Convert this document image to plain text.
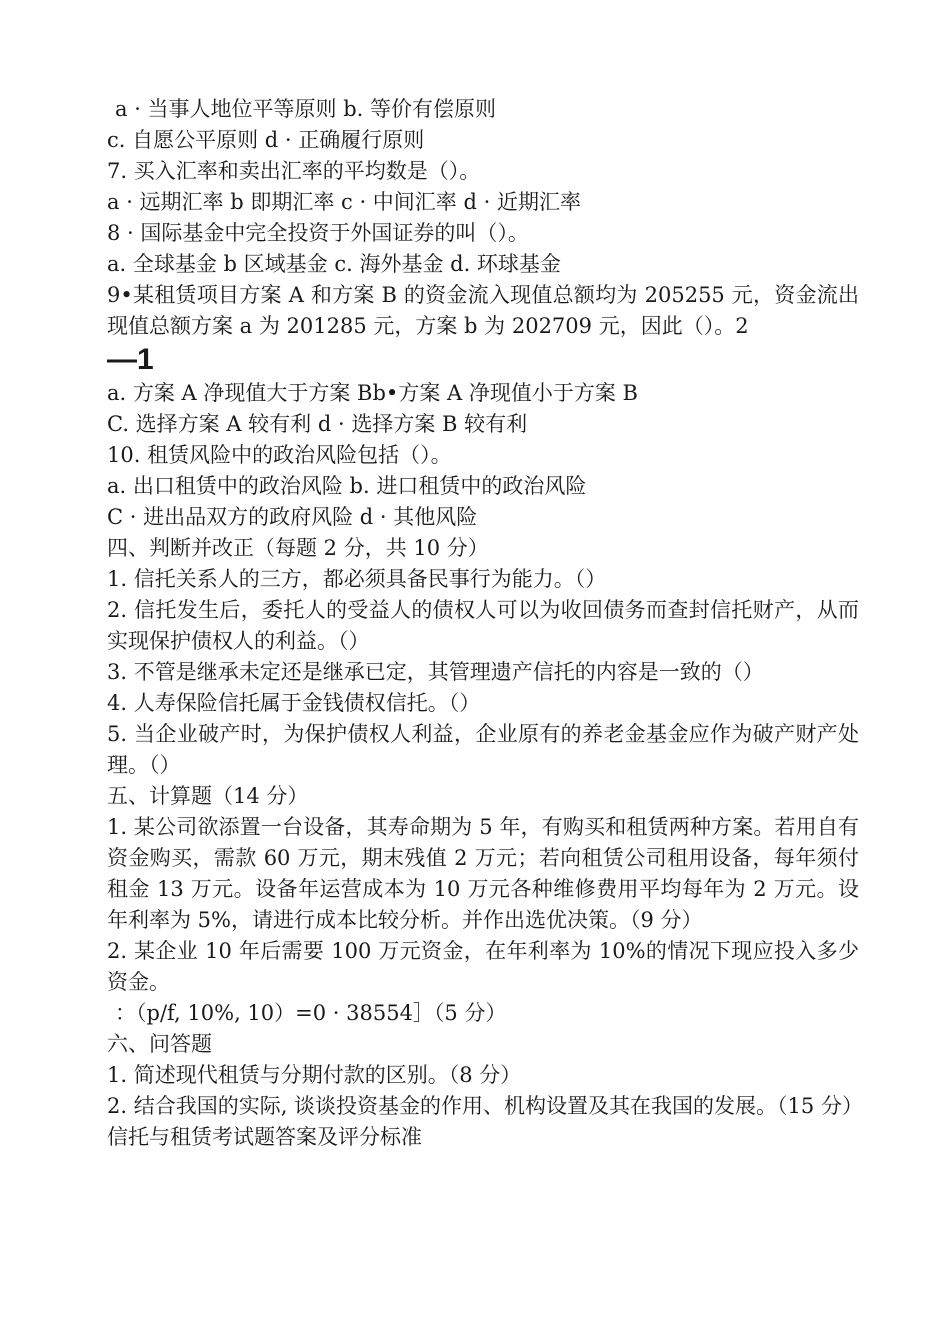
a · 当事人地位平等原则 b. 等价有偿原则
c. 自愿公平原则 d · 正确履行原则
7. 买入汇率和卖出汇率的平均数是（）。
a · 远期汇率 b 即期汇率 c · 中间汇率 d · 近期汇率
8 · 国际基金中完全投资于外国证券的叫（）。
a. 全球基金 b 区域基金 c. 海外基金 d. 环球基金
9•某租赁项目方案 A 和方案 B 的资金流入现值总额均为 205255 元，资金流出现值总额方案 a 为 201285 元，方案 b 为 202709 元，因此（）。2
—1
a. 方案 A 净现值大于方案 Bb•方案 A 净现值小于方案 B
C. 选择方案 A 较有利 d · 选择方案 B 较有利
10. 租赁风险中的政治风险包括（）。
a. 出口租赁中的政治风险 b. 进口租赁中的政治风险
C · 进出品双方的政府风险 d · 其他风险
四、判断并改正（每题 2 分，共 10 分）
1. 信托关系人的三方，都必须具备民事行为能力。（）
2. 信托发生后，委托人的受益人的债权人可以为收回债务而查封信托财产，从而实现保护债权人的利益。（）
3. 不管是继承未定还是继承已定，其管理遗产信托的内容是一致的（）
4. 人寿保险信托属于金钱债权信托。（）
5. 当企业破产时，为保护债权人利益，企业原有的养老金基金应作为破产财产处理。（）
五、计算题（14 分）
1. 某公司欲添置一台设备，其寿命期为 5 年，有购买和租赁两种方案。若用自有资金购买，需款 60 万元，期末残值 2 万元；若向租赁公司租用设备，每年须付租金 13 万元。设备年运营成本为 10 万元各种维修费用平均每年为 2 万元。设年利率为 5%，请进行成本比较分析。并作出选优决策。（9 分）
2. 某企业 10 年后需要 100 万元资金，在年利率为 10%的情况下现应投入多少资金。
：（p/f, 10%, 10）=0 · 38554］（5 分）
六、问答题
1. 简述现代租赁与分期付款的区别。（8 分）
2. 结合我国的实际, 谈谈投资基金的作用、机构设置及其在我国的发展。（15 分）
信托与租赁考试题答案及评分标准
